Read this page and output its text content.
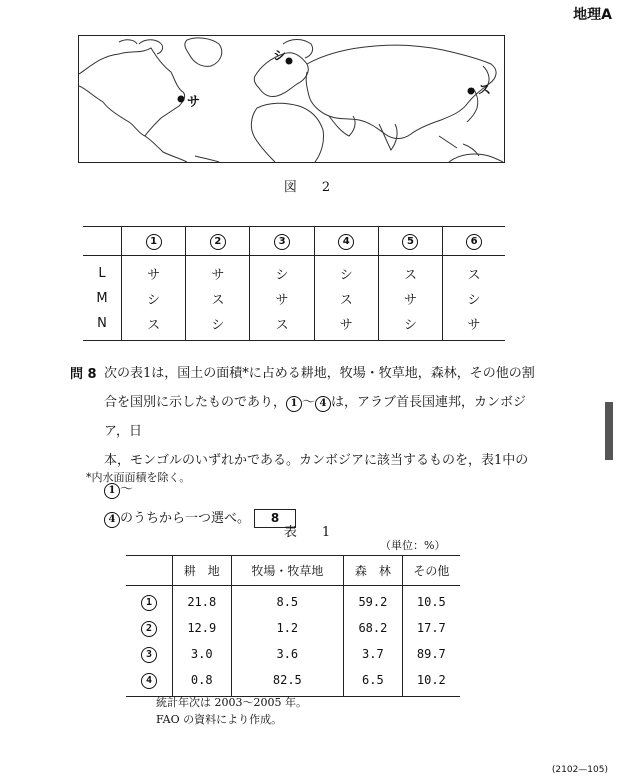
地理A
サ
シ
ス
図　2
	1	2	3	4	5	6
L	サ	サ	シ	シ	ス	ス
M	シ	ス	サ	ス	サ	シ
N	ス	シ	ス	サ	シ	サ
問 8 次の表1は，国土の面積*に占める耕地，牧場・牧草地，森林，その他の割
合を国別に示したものであり， 1 〜 4 は，アラブ首長国連邦，カンボジア，日
本，モンゴルのいずれかである。カンボジアに該当するものを，表1中の1 〜
4 のうちから一つ選べ。 8
*内水面面積を除く。
表　1
（単位：%）
	耕　地	牧場・牧草地	森　林	その他
1	21.8	8.5	59.2	10.5
2	12.9	1.2	68.2	17.7
3	3.0	3.6	3.7	89.7
4	0.8	82.5	6.5	10.2
統計年次は 2003〜2005 年。
FAO の資料により作成。
(2102—105)
